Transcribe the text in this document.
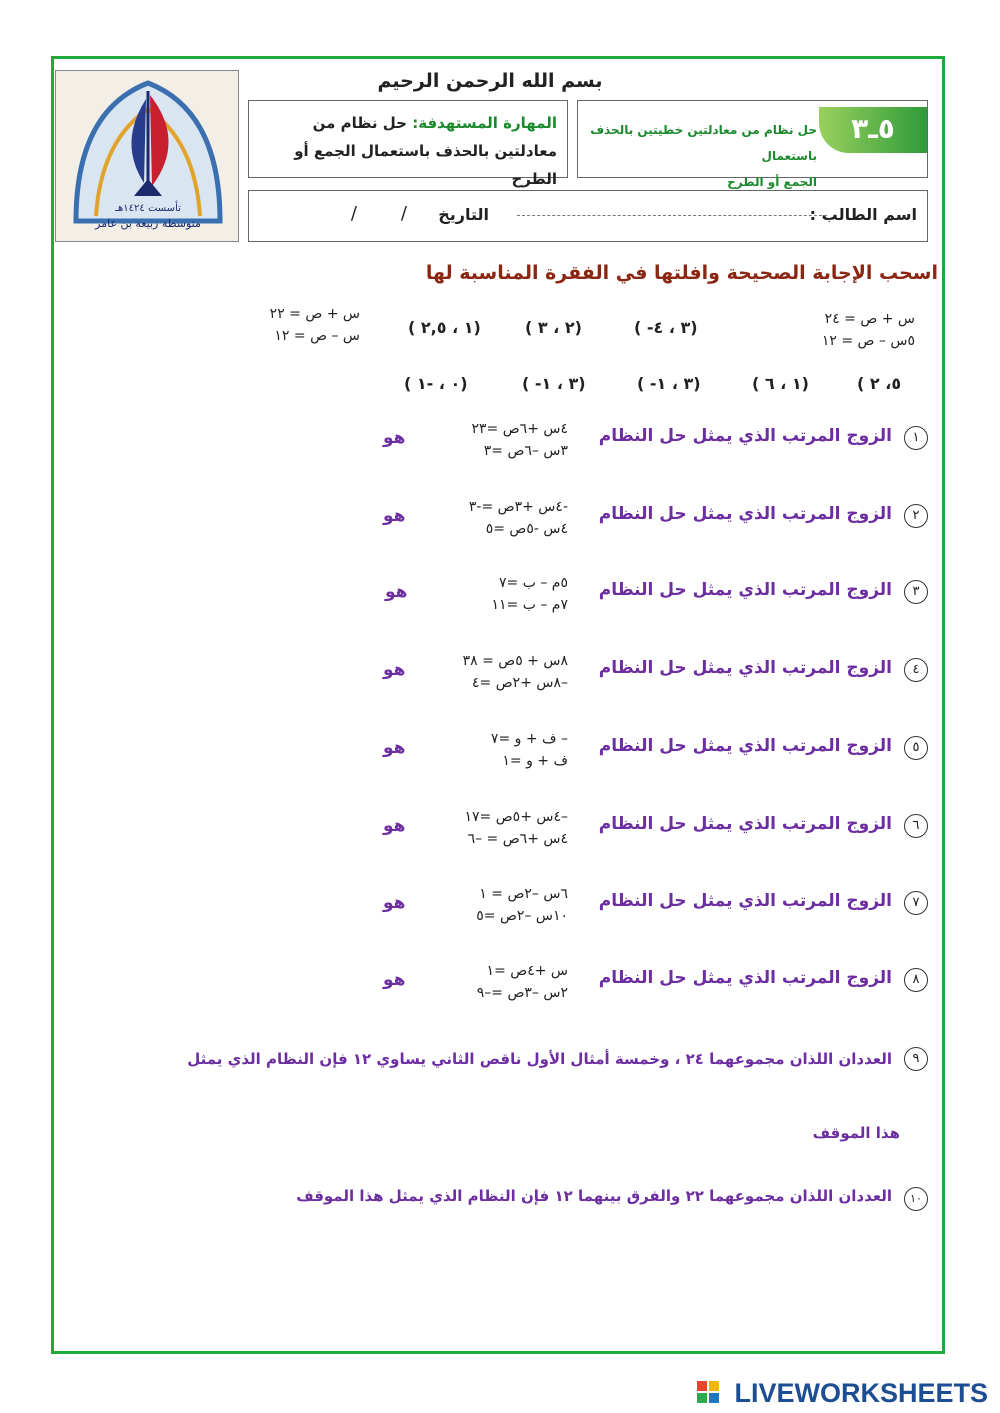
تأسست ١٤٢٤هـ
متوسطة ربيعة بن عامر
بسم الله الرحمن الرحيم
المهارة المستهدفة: حل نظام من
معادلتين بالحذف باستعمال الجمع أو الطرح
٥ـ٣
حل نظام من معادلتين خطيتين بالحذف باستعمال
الجمع أو الطرح
اسم الطالب :
التاريخ
/
/
اسحب الإجابة الصحيحة وافلتها في الفقرة المناسبة لها
س + ص = ٢٢
س – ص = ١٢
س + ص = ٢٤
٥س – ص = ١٢
( ١ ، ٢,٥)	( ٢ ، ٣)	( -٣ ، ٤)
( ٠ ، -١)	( -٣ ، ١)	( -٣ ، ١)	( ١ ، ٦)	( ٥، ٢
١
الزوج المرتب الذي يمثل حل النظام
٤س +٦ص =٢٣
٣س –٦ص =٣
هو
٢
الزوج المرتب الذي يمثل حل النظام
-٤س +٣ص =-٣
٤س -٥ص =٥
هو
٣
الزوج المرتب الذي يمثل حل النظام
٥م – ب =٧
٧م – ب =١١
هو
٤
الزوج المرتب الذي يمثل حل النظام
٨س + ٥ص = ٣٨
–٨س +٢ص =٤
هو
٥
الزوج المرتب الذي يمثل حل النظام
– ف + و =٧
ف + و =١
هو
٦
الزوج المرتب الذي يمثل حل النظام
–٤س +٥ص =١٧
٤س +٦ص = –٦
هو
٧
الزوج المرتب الذي يمثل حل النظام
٦س –٢ص = ١
١٠س –٢ص =٥
هو
٨
الزوج المرتب الذي يمثل حل النظام
س +٤ص =١
٢س –٣ص =–٩
هو
٩
العددان اللذان مجموعهما ٢٤ ، وخمسة أمثال الأول ناقص الثاني يساوي ١٢ فإن النظام الذي يمثل
هذا الموقف
١٠
العددان اللذان مجموعهما ٢٢ والفرق بينهما ١٢ فإن النظام الذي يمثل هذا الموقف
LIVEWORKSHEETS
